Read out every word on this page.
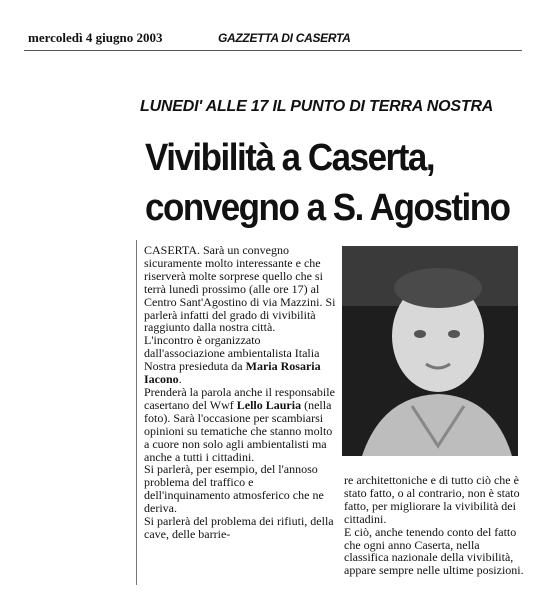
mercoledì 4 giugno 2003	GAZZETTA DI CASERTA
LUNEDI' ALLE 17 IL PUNTO DI TERRA NOSTRA
Vivibilità a Caserta,
convegno a S. Agostino

CASERTA. Sarà un convegno sicuramente molto interessante e che riserverà molte sorprese quello che si terrà lunedì prossimo (alle ore 17) al Centro Sant'Agostino di via Mazzini. Si parlerà infatti del grado di vivibilità raggiunto dalla nostra città.

L'incontro è organizzato dall'associazione ambientalista Italia Nostra presieduta da Maria Rosaria Iacono.

Prenderà la parola anche il responsabile casertano del Wwf Lello Lauria (nella foto). Sarà l'occasione per scambiarsi opinioni su tematiche che stanno molto a cuore non solo agli ambientalisti ma anche a tutti i cittadini.

Si parlerà, per esempio, del l'annoso problema del traffico e dell'inquinamento atmosferico che ne deriva.

Si parlerà del problema dei rifiuti, della cave, delle barrie-

re architettoniche e di tutto ciò che è stato fatto, o al contrario, non è stato fatto, per migliorare la vivibilità dei cittadini.

E ciò, anche tenendo conto del fatto che ogni anno Caserta, nella classifica nazionale della vivibilità, appare sempre nelle ultime posizioni.
